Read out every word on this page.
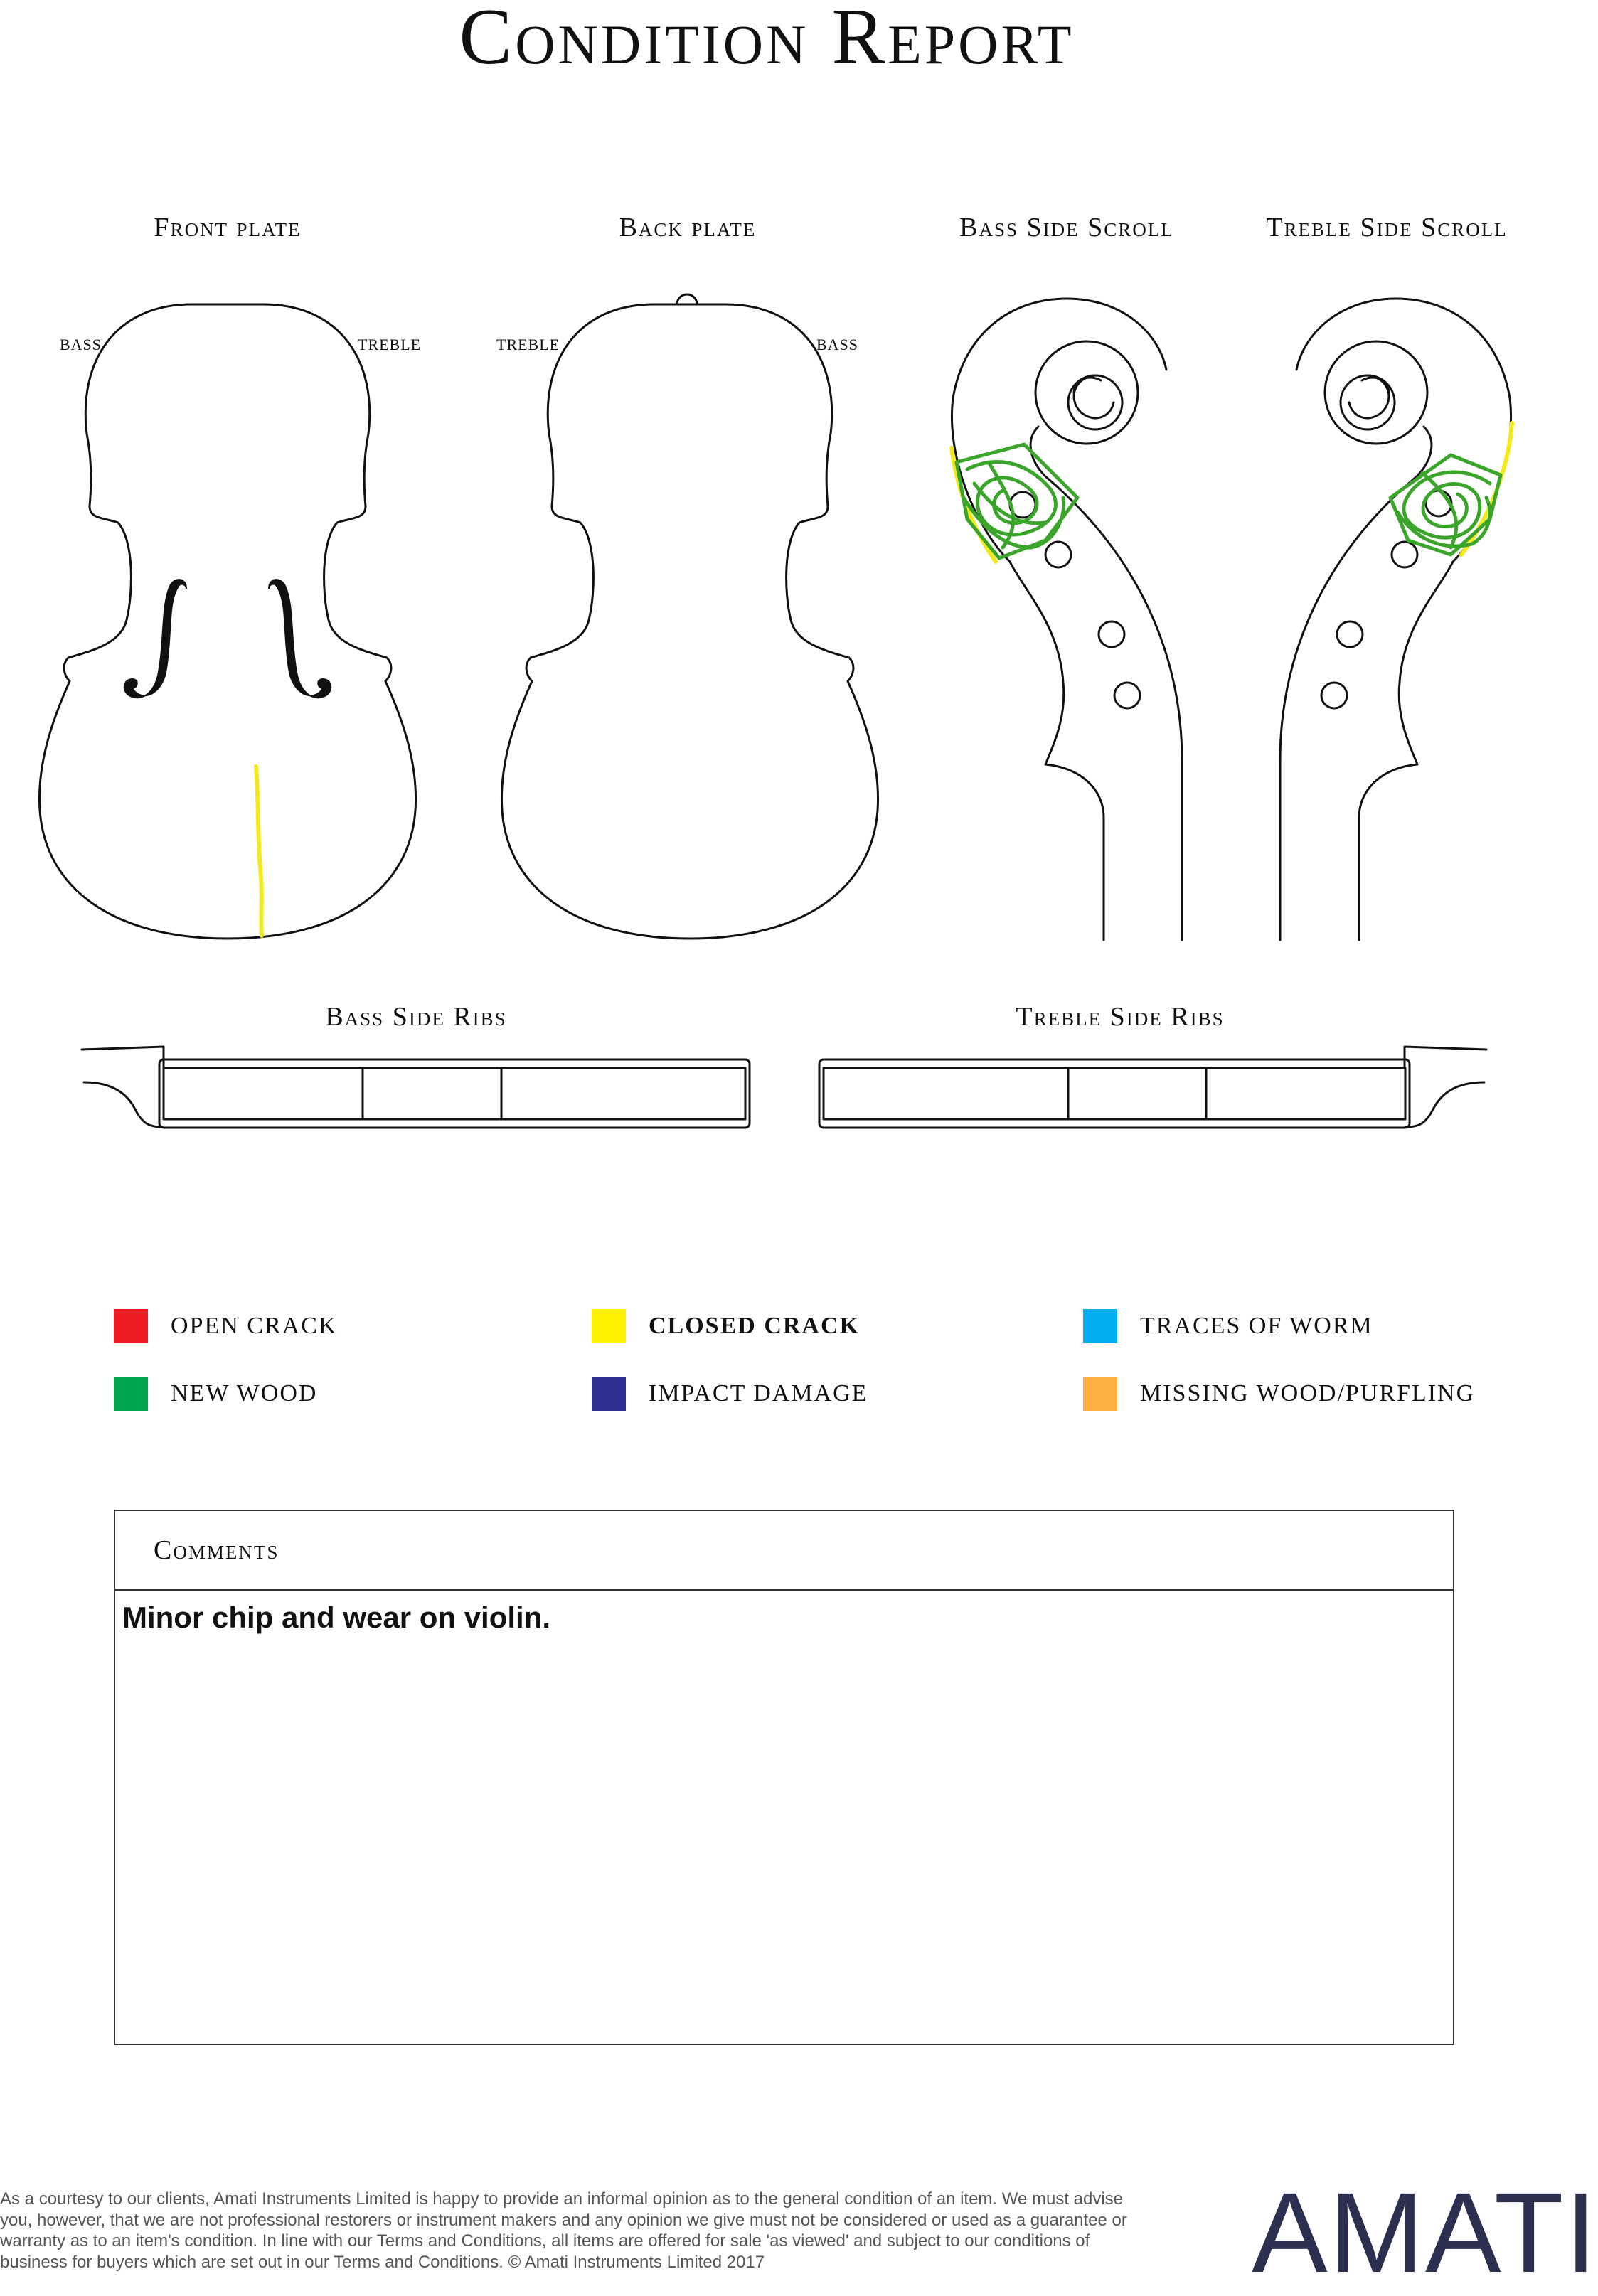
Condition Report
Front plate	Back plate	Bass Side Scroll	Treble Side Scroll
Bass Side Ribs	Treble Side Ribs
BASS	TREBLE	TREBLE	BASS
OPEN CRACK	CLOSED CRACK	TRACES OF WORM
NEW WOOD	IMPACT DAMAGE	MISSING WOOD/PURFLING
Comments
Minor chip and wear on violin.
As a courtesy to our clients, Amati Instruments Limited is happy to provide an informal opinion as to the general condition of an item. We must advise you, however, that we are not professional restorers or instrument makers and any opinion we give must not be considered or used as a guarantee or warranty as to an item's condition. In line with our Terms and Conditions, all items are offered for sale 'as viewed' and subject to our conditions of business for buyers which are set out in our Terms and Conditions. © Amati Instruments Limited 2017	AMATI
